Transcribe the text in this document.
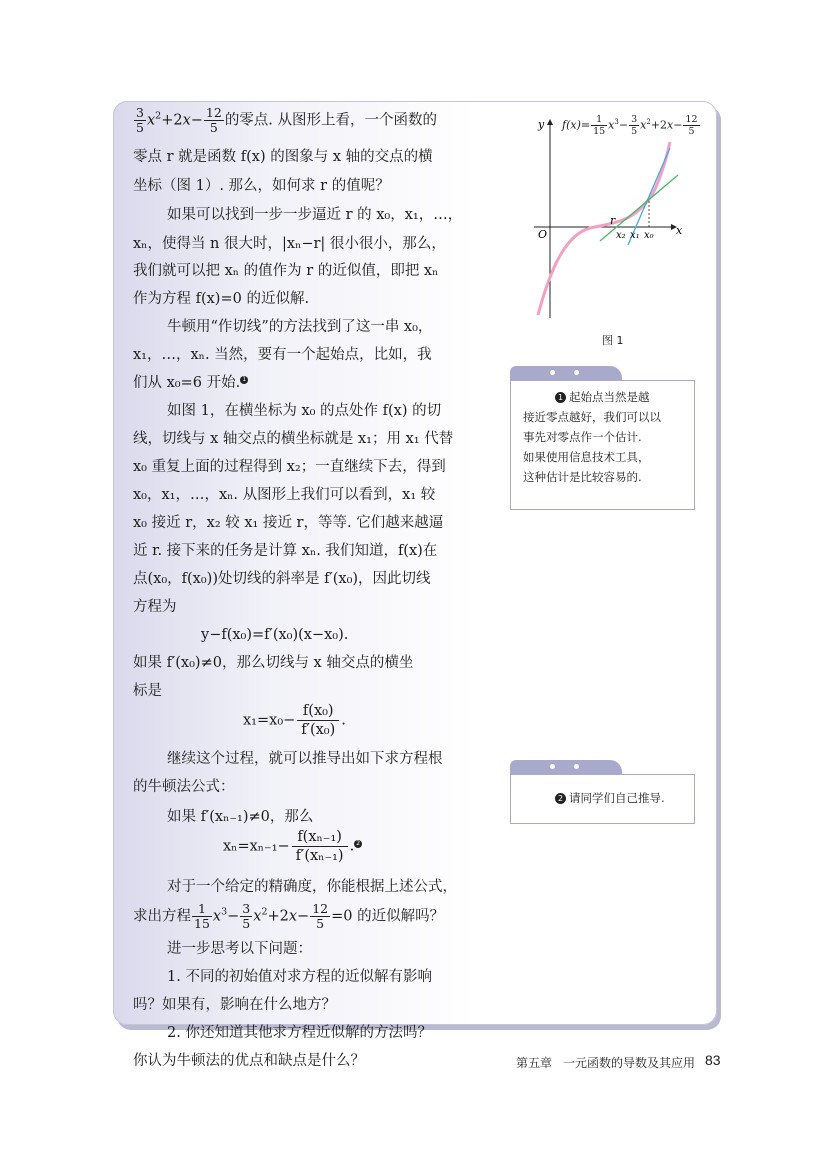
$\frac{3}{5} x^2+2x- \frac{12}{5}$ 的零点. 从图形上看，一个函数的
零点 r 就是函数 f(x) 的图象与 x 轴的交点的横
坐标（图 1）. 那么，如何求 r 的值呢？
如果可以找到一步一步逼近 r 的 x₀，x₁，…，
xₙ，使得当 n 很大时，|xₙ−r| 很小很小，那么，
我们就可以把 xₙ 的值作为 r 的近似值，即把 xₙ
作为方程 f(x)=0 的近似解.
牛顿用“作切线”的方法找到了这一串 x₀，
x₁，…，xₙ. 当然，要有一个起始点，比如，我
们从 x₀=6 开始. 1
如图 1，在横坐标为 x₀ 的点处作 f(x) 的切
线，切线与 x 轴交点的横坐标就是 x₁；用 x₁ 代替
x₀ 重复上面的过程得到 x₂；一直继续下去，得到
x₀，x₁，…，xₙ. 从图形上我们可以看到，x₁ 较
x₀ 接近 r，x₂ 较 x₁ 接近 r，等等. 它们越来越逼
近 r. 接下来的任务是计算 xₙ. 我们知道，f(x)在
点(x₀，f(x₀))处切线的斜率是 f′(x₀)，因此切线
方程为
y−f(x₀)=f′(x₀)(x−x₀).
如果 f′(x₀)≠0，那么切线与 x 轴交点的横坐
标是
$x_1=x_0- \frac{\text{f(x₀)}}{\text{f′(x₀)}}$ .
继续这个过程，就可以推导出如下求方程根
的牛顿法公式：
如果 f′(xₙ₋₁)≠0，那么
$x_n=x_{n-1}- \frac{\text{f(xₙ₋₁)}}{\text{f′(xₙ₋₁)}}$ . 2
对于一个给定的精确度，你能根据上述公式，
求出方程 $\frac{1}{15} x^3- \frac{3}{5} x^2+2x- \frac{12}{5} =0$ 的近似解吗？
进一步思考以下问题：
1. 不同的初始值对求方程的近似解有影响
吗？如果有，影响在什么地方？
2. 你还知道其他求方程近似解的方法吗？
你认为牛顿法的优点和缺点是什么？
y
x
O
r
x₂ x₁ x₀
$f(x)= \frac{1}{15} x^3- \frac{3}{5} x^2+2x- \frac{12}{5}$
图 1
1 起始点当然是越
接近零点越好，我们可以以
事先对零点作一个估计.
如果使用信息技术工具，
这种估计是比较容易的.
2 请同学们自己推导.
第五章 一元函数的导数及其应用 83
